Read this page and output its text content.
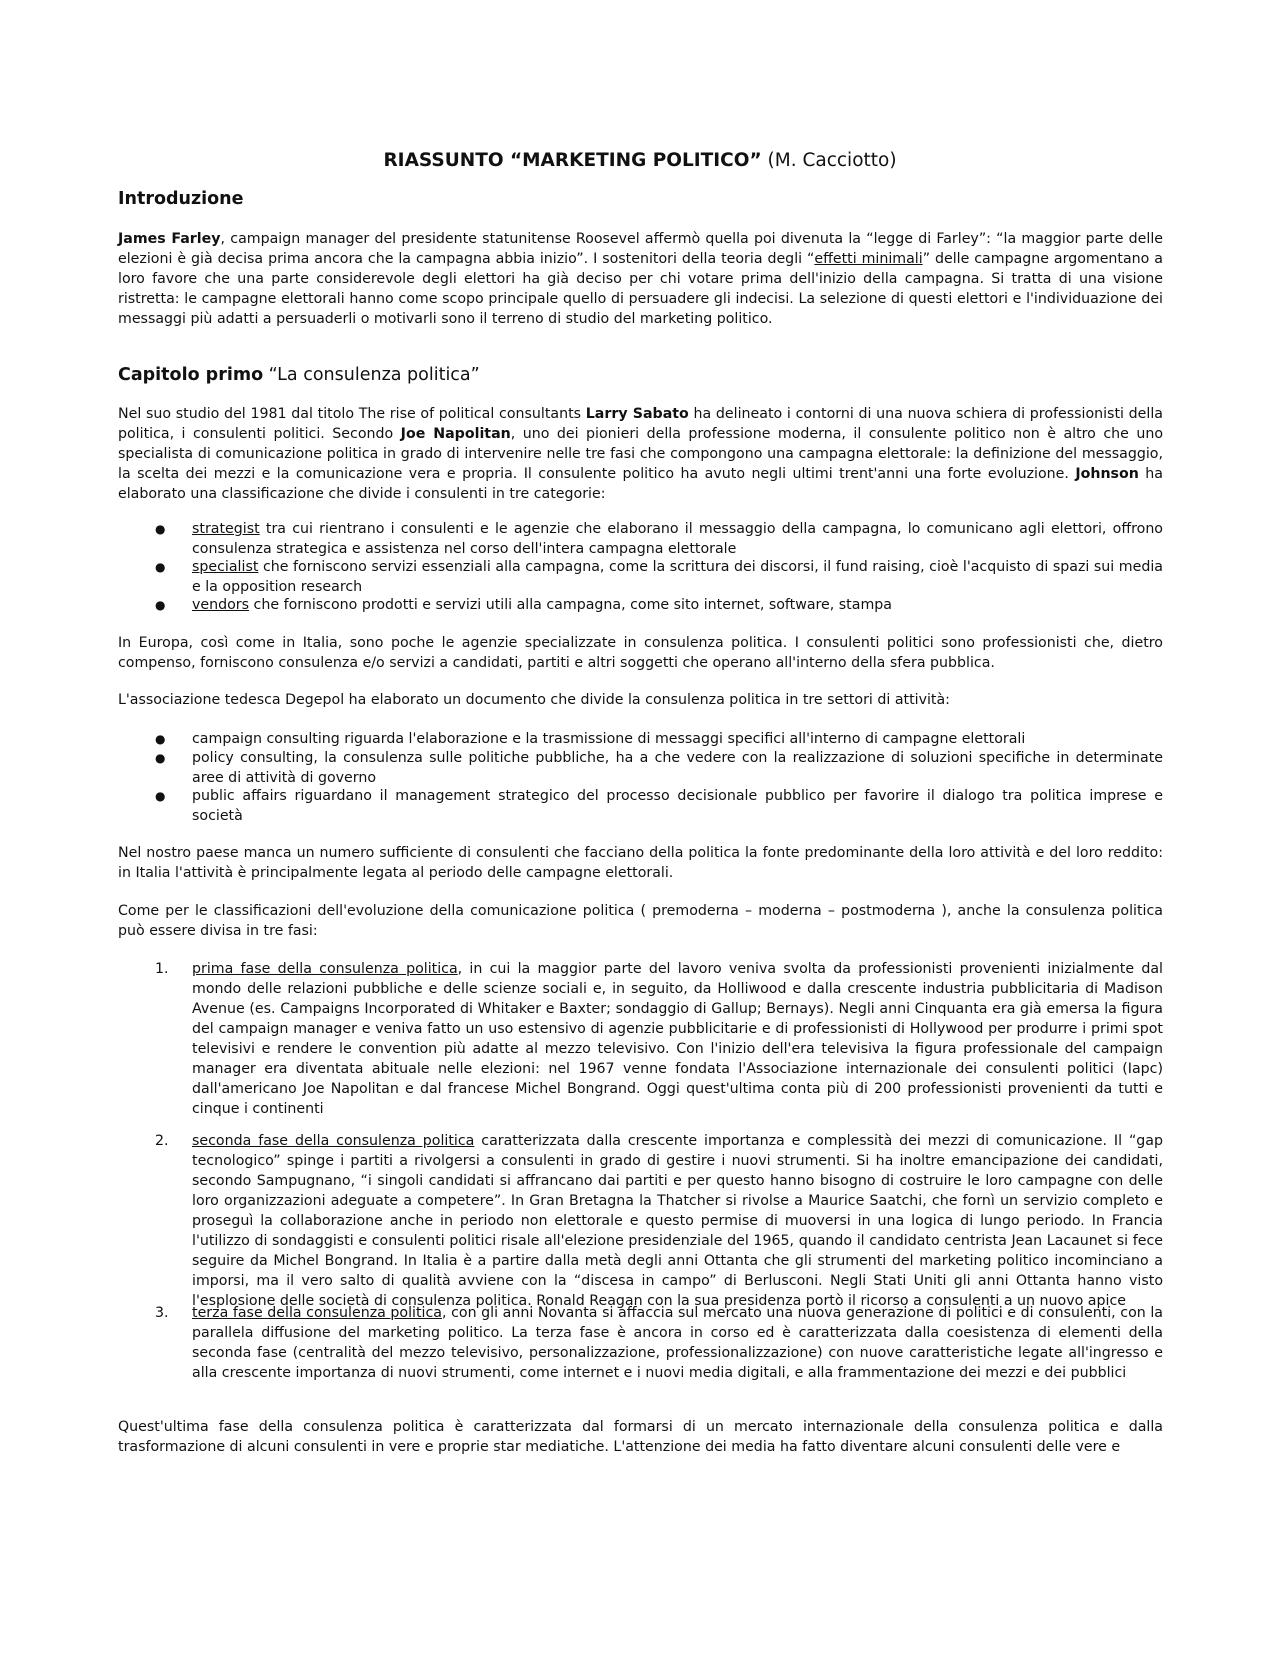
RIASSUNTO “MARKETING POLITICO” (M. Cacciotto)
Introduzione
James Farley, campaign manager del presidente statunitense Roosevel affermò quella poi divenuta la “legge di Farley”: “la maggior parte delle elezioni è già decisa prima ancora che la campagna abbia inizio”. I sostenitori della teoria degli “effetti minimali” delle campagne argomentano a loro favore che una parte considerevole degli elettori ha già deciso per chi votare prima dell'inizio della campagna. Si tratta di una visione ristretta: le campagne elettorali hanno come scopo principale quello di persuadere gli indecisi. La selezione di questi elettori e l'individuazione dei messaggi più adatti a persuaderli o motivarli sono il terreno di studio del marketing politico.
Capitolo primo “La consulenza politica”
Nel suo studio del 1981 dal titolo The rise of political consultants Larry Sabato ha delineato i contorni di una nuova schiera di professionisti della politica, i consulenti politici. Secondo Joe Napolitan, uno dei pionieri della professione moderna, il consulente politico non è altro che uno specialista di comunicazione politica in grado di intervenire nelle tre fasi che compongono una campagna elettorale: la definizione del messaggio, la scelta dei mezzi e la comunicazione vera e propria. Il consulente politico ha avuto negli ultimi trent'anni una forte evoluzione. Johnson ha elaborato una classificazione che divide i consulenti in tre categorie:
● strategist tra cui rientrano i consulenti e le agenzie che elaborano il messaggio della campagna, lo comunicano agli elettori, offrono consulenza strategica e assistenza nel corso dell'intera campagna elettorale
● specialist che forniscono servizi essenziali alla campagna, come la scrittura dei discorsi, il fund raising, cioè l'acquisto di spazi sui media e la opposition research
● vendors che forniscono prodotti e servizi utili alla campagna, come sito internet, software, stampa
In Europa, così come in Italia, sono poche le agenzie specializzate in consulenza politica. I consulenti politici sono professionisti che, dietro compenso, forniscono consulenza e/o servizi a candidati, partiti e altri soggetti che operano all'interno della sfera pubblica.
L'associazione tedesca Degepol ha elaborato un documento che divide la consulenza politica in tre settori di attività:
● campaign consulting riguarda l'elaborazione e la trasmissione di messaggi specifici all'interno di campagne elettorali
● policy consulting, la consulenza sulle politiche pubbliche, ha a che vedere con la realizzazione di soluzioni specifiche in determinate aree di attività di governo
● public affairs riguardano il management strategico del processo decisionale pubblico per favorire il dialogo tra politica imprese e società
Nel nostro paese manca un numero sufficiente di consulenti che facciano della politica la fonte predominante della loro attività e del loro reddito: in Italia l'attività è principalmente legata al periodo delle campagne elettorali.
Come per le classificazioni dell'evoluzione della comunicazione politica ( premoderna – moderna – postmoderna ), anche la consulenza politica può essere divisa in tre fasi:
1. prima fase della consulenza politica, in cui la maggior parte del lavoro veniva svolta da professionisti provenienti inizialmente dal mondo delle relazioni pubbliche e delle scienze sociali e, in seguito, da Holliwood e dalla crescente industria pubblicitaria di Madison Avenue (es. Campaigns Incorporated di Whitaker e Baxter; sondaggio di Gallup; Bernays). Negli anni Cinquanta era già emersa la figura del campaign manager e veniva fatto un uso estensivo di agenzie pubblicitarie e di professionisti di Hollywood per produrre i primi spot televisivi e rendere le convention più adatte al mezzo televisivo. Con l'inizio dell'era televisiva la figura professionale del campaign manager era diventata abituale nelle elezioni: nel 1967 venne fondata l'Associazione internazionale dei consulenti politici (Iapc) dall'americano Joe Napolitan e dal francese Michel Bongrand. Oggi quest'ultima conta più di 200 professionisti provenienti da tutti e cinque i continenti
2. seconda fase della consulenza politica caratterizzata dalla crescente importanza e complessità dei mezzi di comunicazione. Il “gap tecnologico” spinge i partiti a rivolgersi a consulenti in grado di gestire i nuovi strumenti. Si ha inoltre emancipazione dei candidati, secondo Sampugnano, “i singoli candidati si affrancano dai partiti e per questo hanno bisogno di costruire le loro campagne con delle loro organizzazioni adeguate a competere”. In Gran Bretagna la Thatcher si rivolse a Maurice Saatchi, che fornì un servizio completo e proseguì la collaborazione anche in periodo non elettorale e questo permise di muoversi in una logica di lungo periodo. In Francia l'utilizzo di sondaggisti e consulenti politici risale all'elezione presidenziale del 1965, quando il candidato centrista Jean Lacaunet si fece seguire da Michel Bongrand. In Italia è a partire dalla metà degli anni Ottanta che gli strumenti del marketing politico incominciano a imporsi, ma il vero salto di qualità avviene con la “discesa in campo” di Berlusconi. Negli Stati Uniti gli anni Ottanta hanno visto l'esplosione delle società di consulenza politica. Ronald Reagan con la sua presidenza portò il ricorso a consulenti a un nuovo apice
3. terza fase della consulenza politica, con gli anni Novanta si affaccia sul mercato una nuova generazione di politici e di consulenti, con la parallela diffusione del marketing politico. La terza fase è ancora in corso ed è caratterizzata dalla coesistenza di elementi della seconda fase (centralità del mezzo televisivo, personalizzazione, professionalizzazione) con nuove caratteristiche legate all'ingresso e alla crescente importanza di nuovi strumenti, come internet e i nuovi media digitali, e alla frammentazione dei mezzi e dei pubblici
Quest'ultima fase della consulenza politica è caratterizzata dal formarsi di un mercato internazionale della consulenza politica e dalla trasformazione di alcuni consulenti in vere e proprie star mediatiche. L'attenzione dei media ha fatto diventare alcuni consulenti delle vere e
